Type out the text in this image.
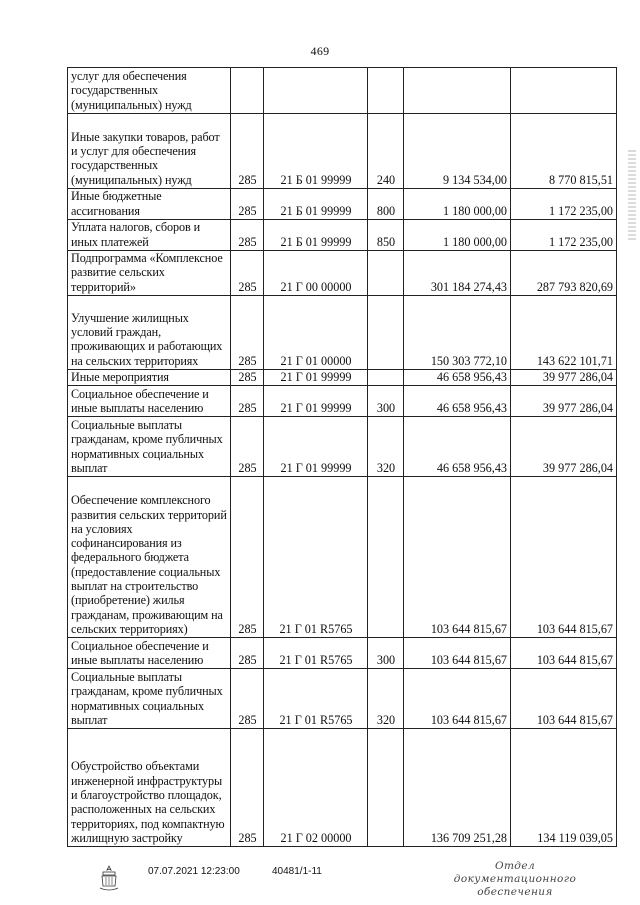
469
услуг для обеспечения государственных (муниципальных) нужд					
Иные закупки товаров, работ и услуг для обеспечения государственных (муниципальных) нужд	285	21 Б 01 99999	240	9 134 534,00	8 770 815,51
Иные бюджетные ассигнования	285	21 Б 01 99999	800	1 180 000,00	1 172 235,00
Уплата налогов, сборов и иных платежей	285	21 Б 01 99999	850	1 180 000,00	1 172 235,00
Подпрограмма «Комплексное развитие сельских территорий»	285	21 Г 00 00000		301 184 274,43	287 793 820,69
Улучшение жилищных условий граждан, проживающих и работающих на сельских территориях	285	21 Г 01 00000		150 303 772,10	143 622 101,71
Иные мероприятия	285	21 Г 01 99999		46 658 956,43	39 977 286,04
Социальное обеспечение и иные выплаты населению	285	21 Г 01 99999	300	46 658 956,43	39 977 286,04
Социальные выплаты гражданам, кроме публичных нормативных социальных выплат	285	21 Г 01 99999	320	46 658 956,43	39 977 286,04
Обеспечение комплексного развития сельских территорий на условиях софинансирования из федерального бюджета (предоставление социальных выплат на строительство (приобретение) жилья гражданам, проживающим на сельских территориях)	285	21 Г 01 R5765		103 644 815,67	103 644 815,67
Социальное обеспечение и иные выплаты населению	285	21 Г 01 R5765	300	103 644 815,67	103 644 815,67
Социальные выплаты гражданам, кроме публичных нормативных социальных выплат	285	21 Г 01 R5765	320	103 644 815,67	103 644 815,67
Обустройство объектами инженерной инфраструктуры и благоустройство площадок, расположенных на сельских территориях, под компактную жилищную застройку	285	21 Г 02 00000		136 709 251,28	134 119 039,05
07.07.2021 12:23:00	40481/1-11	Отдел документационного
обеспечения
